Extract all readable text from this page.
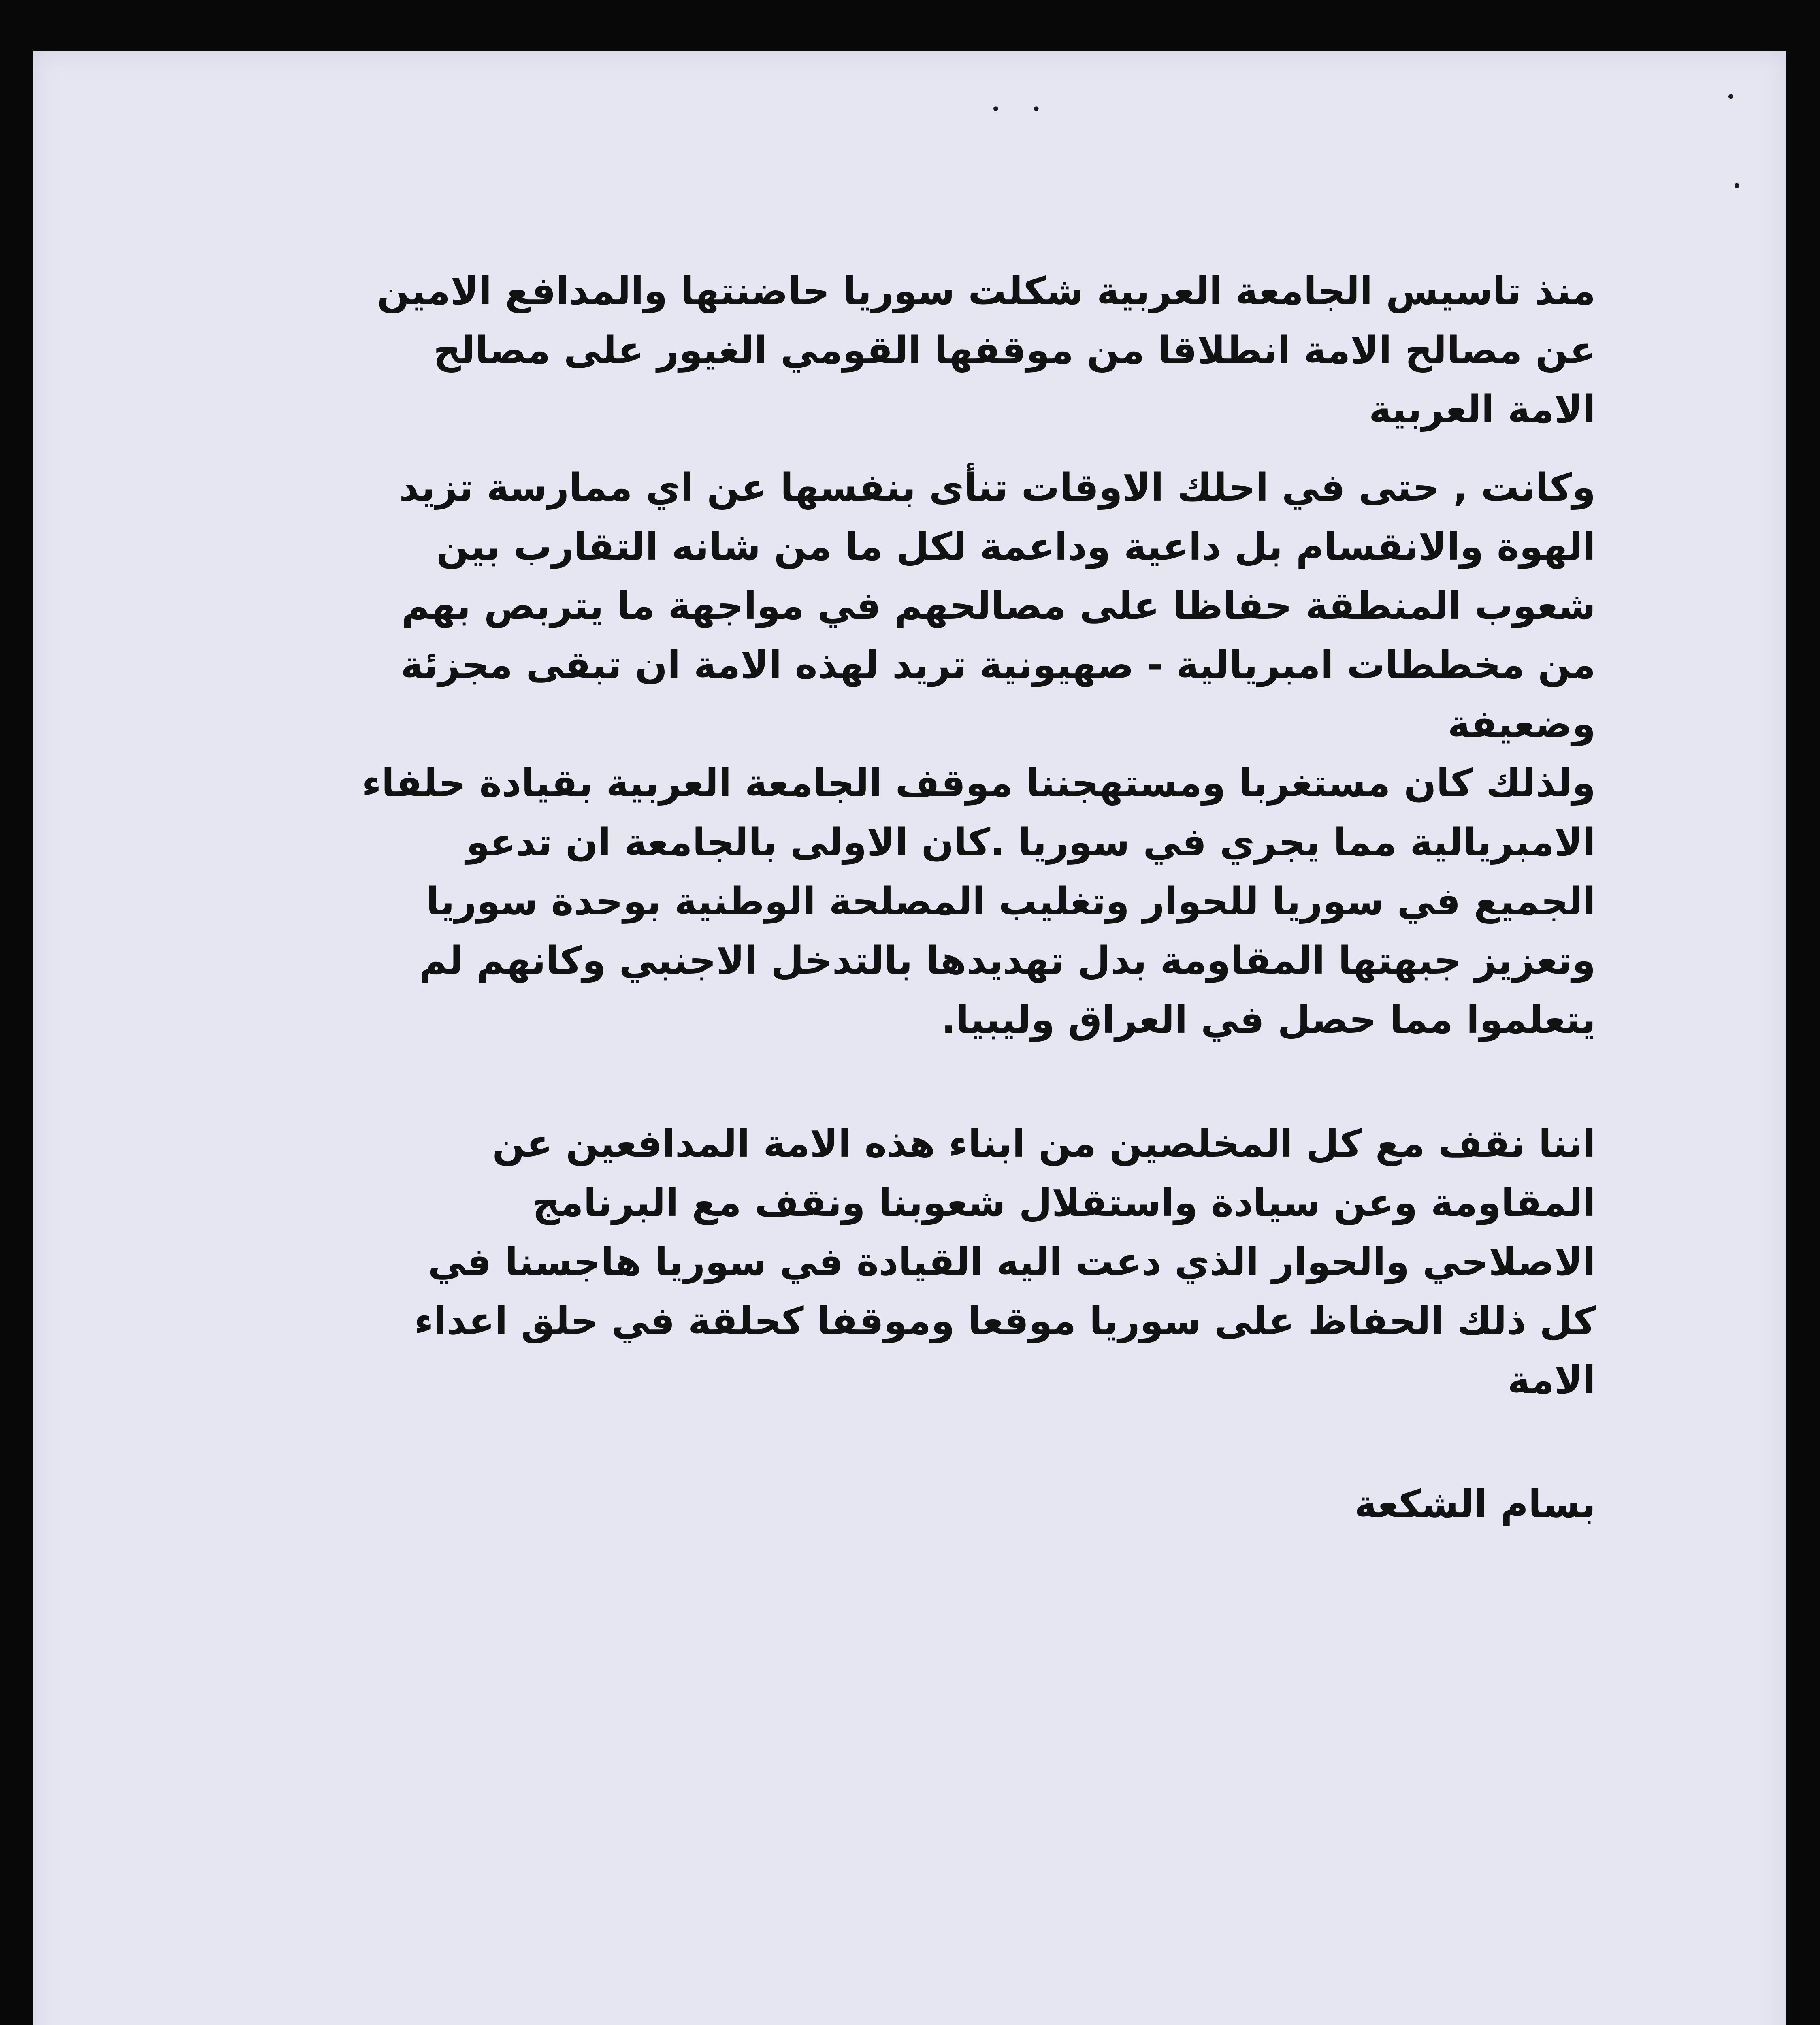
منذ تاسيس الجامعة العربية شكلت سوريا حاضنتها والمدافع الامين عن مصالح الامة انطلاقا من موقفها القومي الغيور على مصالح الامة العربية

وكانت , حتى في احلك الاوقات تنأى بنفسها عن اي ممارسة تزيد الهوة والانقسام بل داعية وداعمة لكل ما من شانه التقارب بين شعوب المنطقة حفاظا على مصالحهم في مواجهة ما يتربص بهم من مخططات امبريالية - صهيونية تريد لهذه الامة ان تبقى مجزئة وضعيفة

ولذلك كان مستغربا ومستهجننا موقف الجامعة العربية بقيادة حلفاء الامبريالية مما يجري في سوريا .كان الاولى بالجامعة ان تدعو الجميع في سوريا للحوار وتغليب المصلحة الوطنية بوحدة سوريا وتعزيز جبهتها المقاومة بدل تهديدها بالتدخل الاجنبي وكانهم لم يتعلموا مما حصل في العراق وليبيا.

اننا نقف مع كل المخلصين من ابناء هذه الامة المدافعين عن المقاومة وعن سيادة واستقلال شعوبنا ونقف مع البرنامج الاصلاحي والحوار الذي دعت اليه القيادة في سوريا هاجسنا في كل ذلك الحفاظ على سوريا موقعا وموقفا كحلقة في حلق اعداء الامة

بسام الشكعة

• •
•
•
